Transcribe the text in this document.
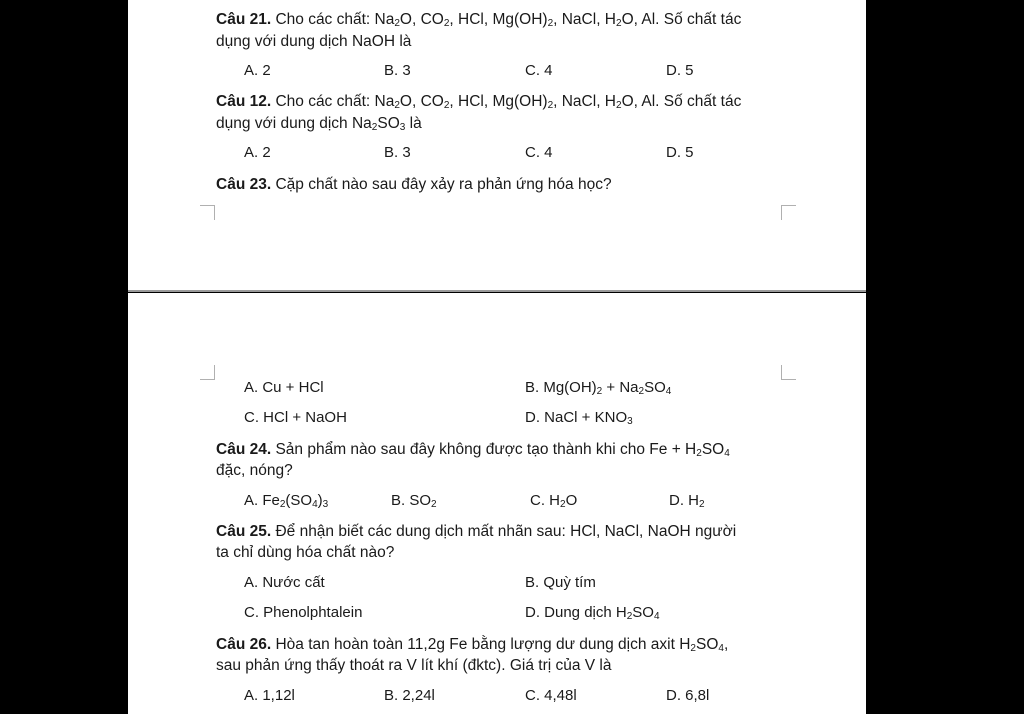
Câu 21. Cho các chất: $Na_2O$, $CO_2$, HCl, $Mg(OH)_2$, NaCl, $H_2O$, Al. Số chất tác
dụng với dung dịch NaOH là
A. 2	B. 3	C. 4	D. 5
Câu 12. Cho các chất: $Na_2O$, $CO_2$, HCl, $Mg(OH)_2$, NaCl, $H_2O$, Al. Số chất tác
dụng với dung dịch $Na_2SO_3$ là
A. 2	B. 3	C. 4	D. 5
Câu 23. Cặp chất nào sau đây xảy ra phản ứng hóa học?
A. Cu + HCl	B. $Mg(OH)_2 + Na_2SO_4$
C. HCl + NaOH	D. NaCl + $KNO_3$
Câu 24. Sản phẩm nào sau đây không được tạo thành khi cho $Fe + H_2SO_4$
đặc, nóng?
A. $Fe_2(SO_4)_3$	B. $SO_2$	C. $H_2O$	D. $H_2$
Câu 25. Để nhận biết các dung dịch mất nhãn sau: HCl, NaCl, NaOH người
ta chỉ dùng hóa chất nào?
A. Nước cất	B. Quỳ tím
C. Phenolphtalein	D. Dung dịch $H_2SO_4$
Câu 26. Hòa tan hoàn toàn 11,2g Fe bằng lượng dư dung dịch axit $H_2SO_4$,
sau phản ứng thấy thoát ra V lít khí (đktc). Giá trị của V là
A. 1,12l	B. 2,24l	C. 4,48l	D. 6,8l
